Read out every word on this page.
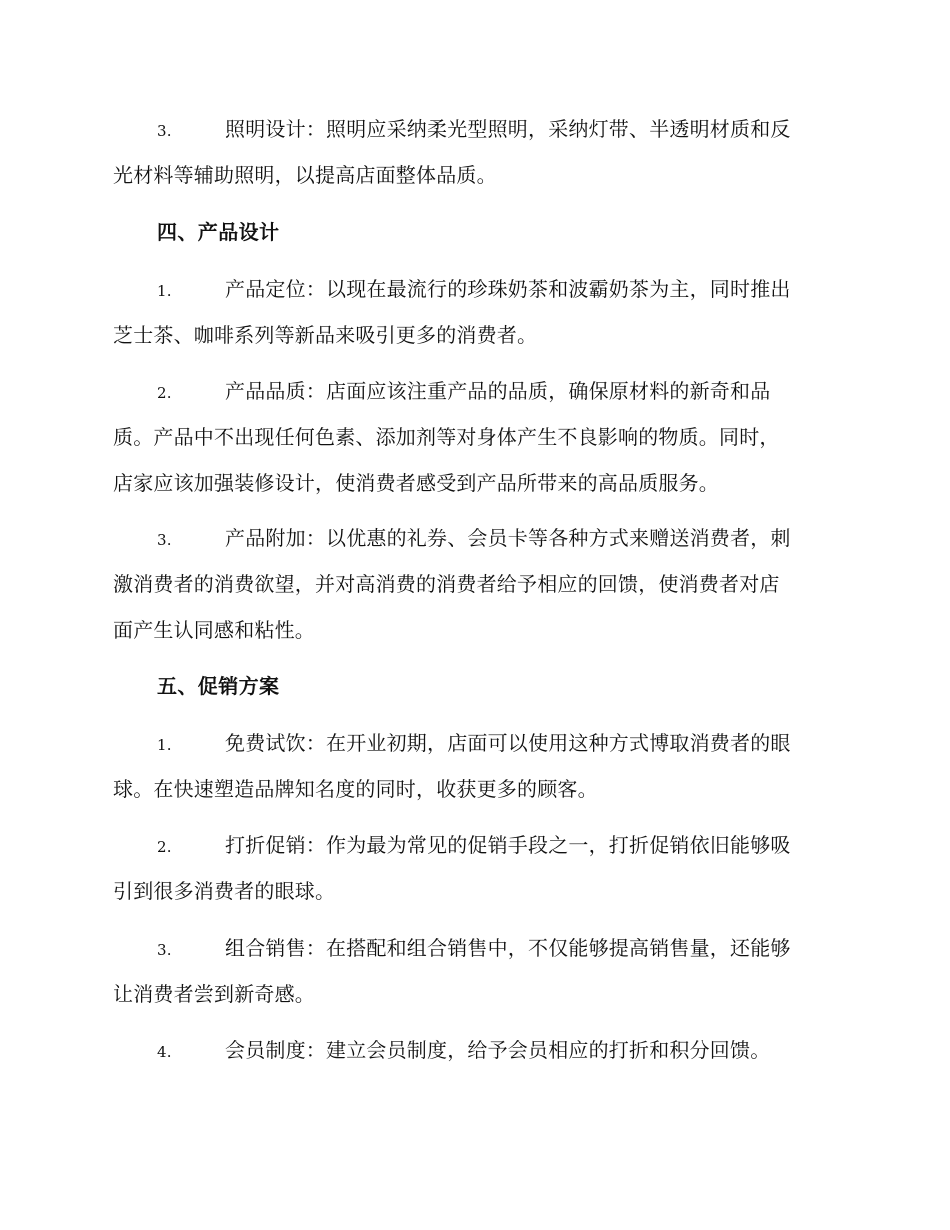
3.	照明设计：照明应采纳柔光型照明，采纳灯带、半透明材质和反
光材料等辅助照明，以提高店面整体品质。
四、产品设计
1.	产品定位：以现在最流行的珍珠奶茶和波霸奶茶为主，同时推出
芝士茶、咖啡系列等新品来吸引更多的消费者。
2.	产品品质：店面应该注重产品的品质，确保原材料的新奇和品
质。产品中不出现任何色素、添加剂等对身体产生不良影响的物质。同时，
店家应该加强装修设计，使消费者感受到产品所带来的高品质服务。
3.	产品附加：以优惠的礼券、会员卡等各种方式来赠送消费者，刺
激消费者的消费欲望，并对高消费的消费者给予相应的回馈，使消费者对店
面产生认同感和粘性。
五、促销方案
1.	免费试饮：在开业初期，店面可以使用这种方式博取消费者的眼
球。在快速塑造品牌知名度的同时，收获更多的顾客。
2.	打折促销：作为最为常见的促销手段之一，打折促销依旧能够吸
引到很多消费者的眼球。
3.	组合销售：在搭配和组合销售中，不仅能够提高销售量，还能够
让消费者尝到新奇感。
4.	会员制度：建立会员制度，给予会员相应的打折和积分回馈。
